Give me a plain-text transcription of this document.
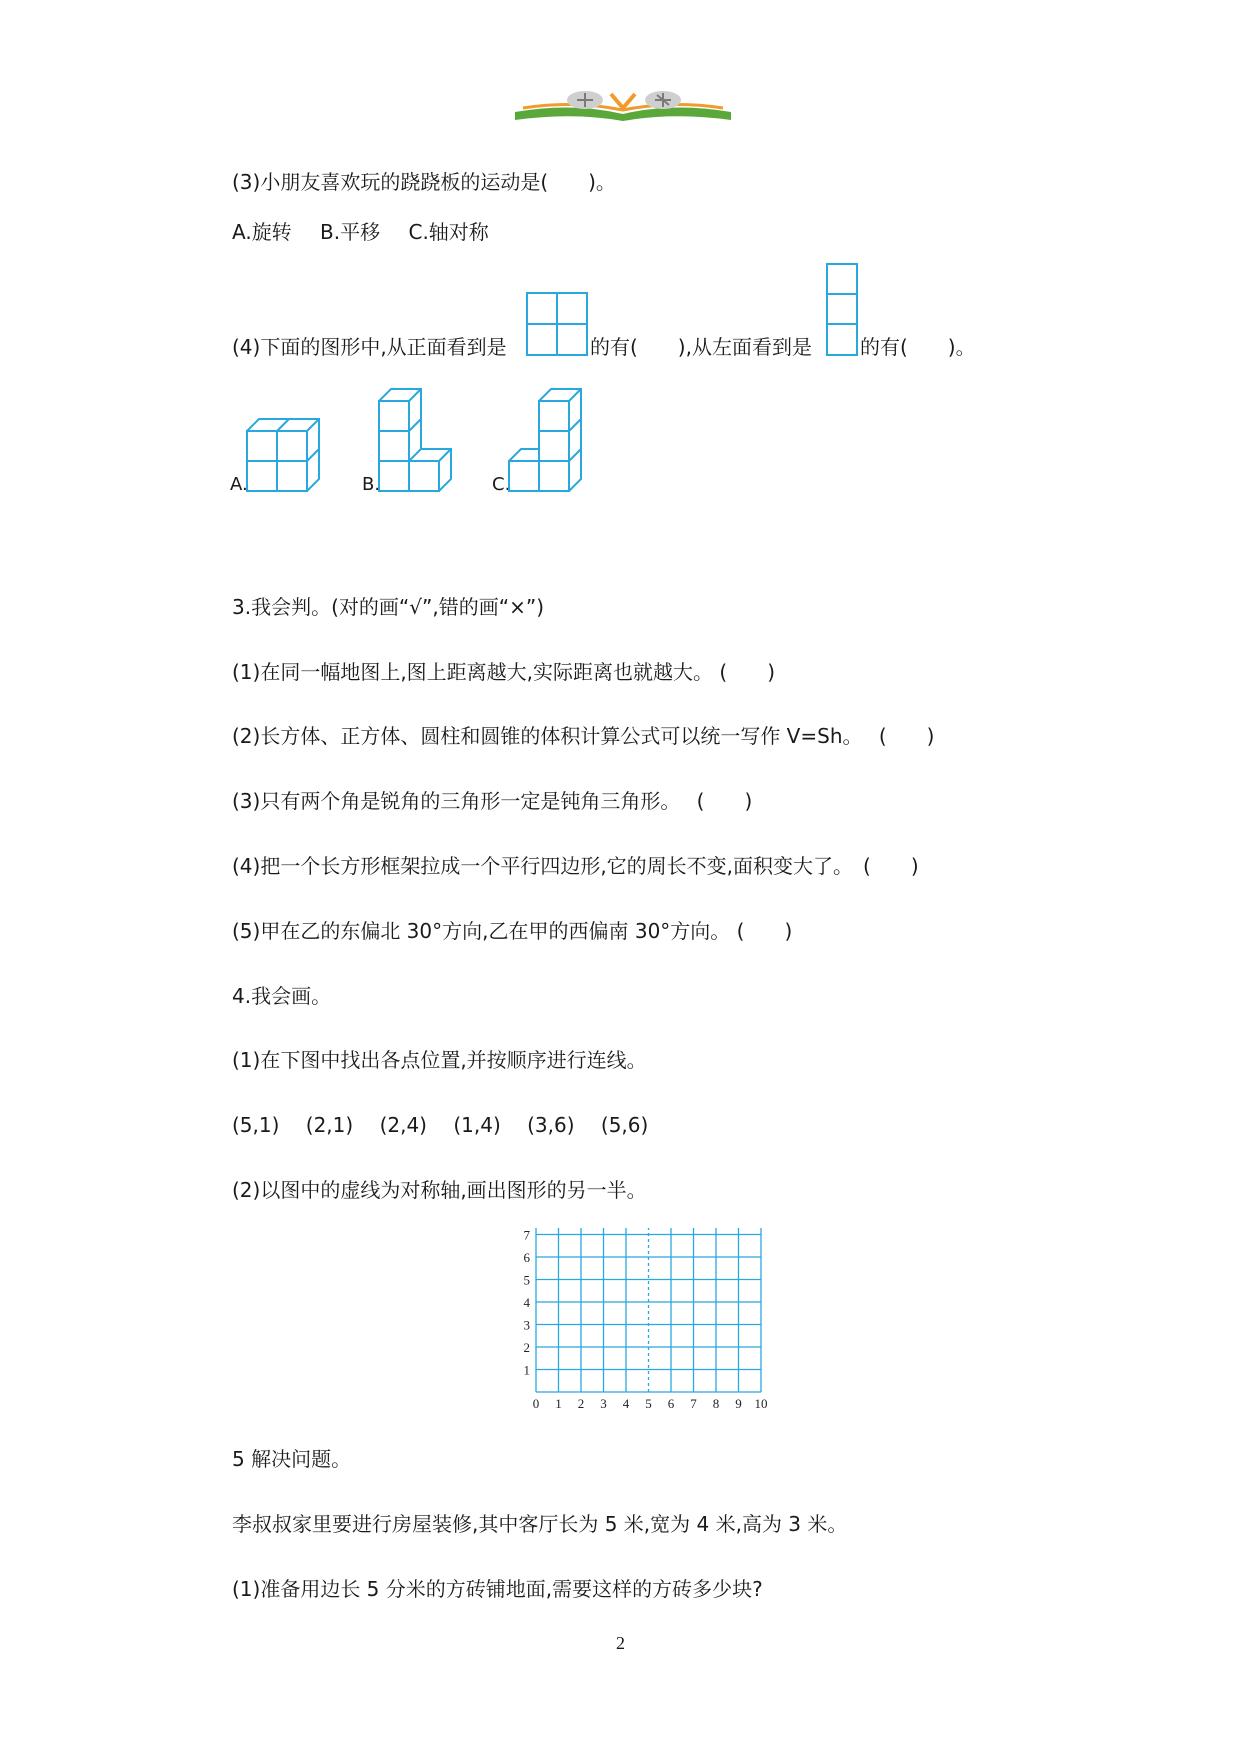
(3)小朋友喜欢玩的跷跷板的运动是(　　)。
A.旋转 B.平移 C.轴对称
(4)下面的图形中,从正面看到是	的有(　　),从左面看到是 的有(　　)。
A.	B.	C.
3.我会判。(对的画“√”,错的画“×”)
(1)在同一幅地图上,图上距离越大,实际距离也就越大。 (　　)
(2)长方体、正方体、圆柱和圆锥的体积计算公式可以统一写作 V=Sh。　 (　　)
(3)只有两个角是锐角的三角形一定是钝角三角形。　 (　　)
(4)把一个长方形框架拉成一个平行四边形,它的周长不变,面积变大了。　(　　)
(5)甲在乙的东偏北 30°方向,乙在甲的西偏南 30°方向。 (　　)
4.我会画。
(1)在下图中找出各点位置,并按顺序进行连线。
(5,1) (2,1) (2,4) (1,4) (3,6) (5,6)
(2)以图中的虚线为对称轴,画出图形的另一半。
0 1 2 3 4 5 6 7 8 9 10
1
2
3
4
5
6
7
5 解决问题。
李叔叔家里要进行房屋装修,其中客厅长为 5 米,宽为 4 米,高为 3 米。
(1)准备用边长 5 分米的方砖铺地面,需要这样的方砖多少块?
2
